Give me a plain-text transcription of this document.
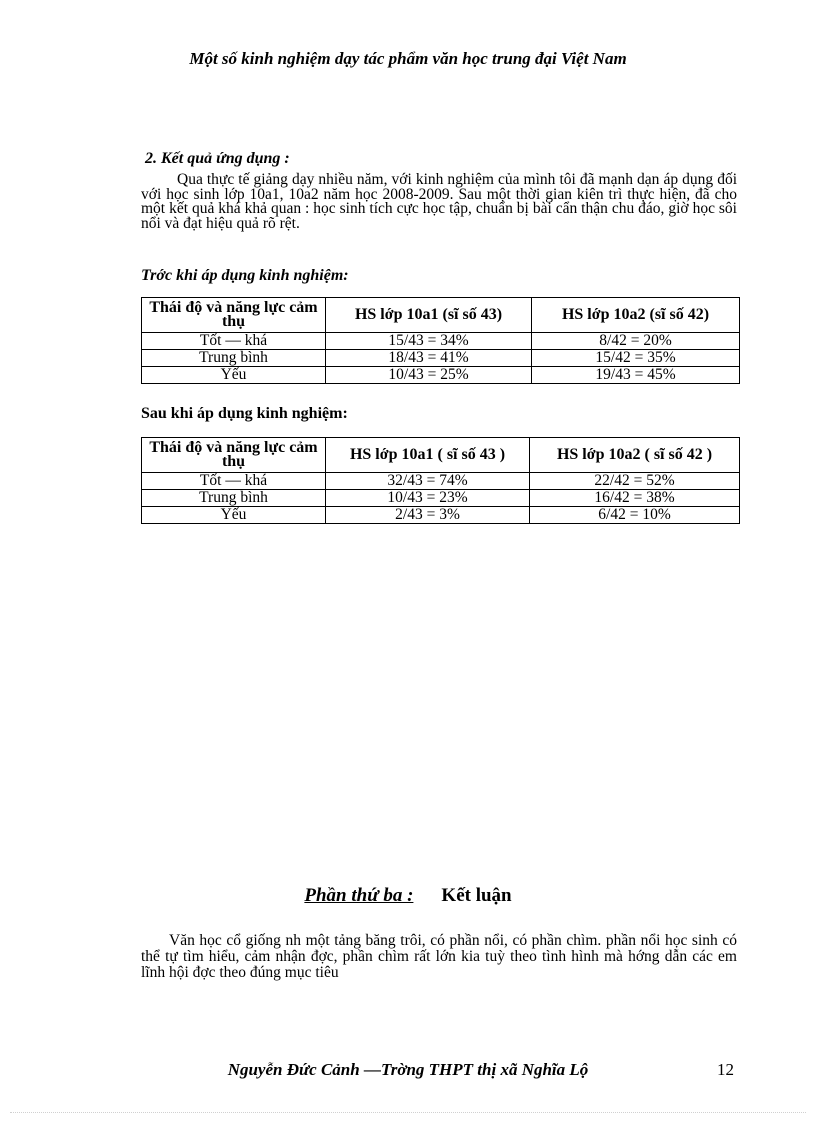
Một số kinh nghiệm dạy tác phẩm văn học trung đại Việt Nam
2. Kết quả ứng dụng :
Qua thực tế giảng dạy nhiều năm, với kinh nghiệm của mình tôi đã mạnh dạn áp dụng đối với học sinh lớp 10a1, 10a2 năm học 2008-2009. Sau một thời gian kiên trì thực hiện, đã cho một kết quả khá khả quan : học sinh tích cực học tập, chuẩn bị bài cẩn thận chu đáo, giờ học sôi nổi và đạt hiệu quả rõ rệt.
Trớc khi áp dụng kinh nghiệm:
Thái độ và năng lực cảm thụ	HS lớp 10a1 (sĩ số 43)	HS lớp 10a2 (sĩ số 42)
Tốt — khá	15/43 = 34%	8/42 = 20%
Trung bình	18/43 = 41%	15/42 = 35%
Yếu	10/43 = 25%	19/43 = 45%
Sau khi áp dụng kinh nghiệm:
Thái độ và năng lực cảm thụ	HS lớp 10a1 ( sĩ số 43 )	HS lớp 10a2 ( sĩ số 42 )
Tốt — khá	32/43 = 74%	22/42 = 52%
Trung bình	10/43 = 23%	16/42 = 38%
Yếu	2/43 = 3%	6/42 = 10%
Phần thứ ba : Kết luận
Văn học cổ giống nh một tảng băng trôi, có phần nổi, có phần chìm. phần nổi học sinh có thể tự tìm hiểu, cảm nhận đợc, phần chìm rất lớn kia tuỳ theo tình hình mà hớng dẫn các em lĩnh hội đợc theo đúng mục tiêu
Nguyễn Đức Cảnh —Trờng THPT thị xã Nghĩa Lộ	12
